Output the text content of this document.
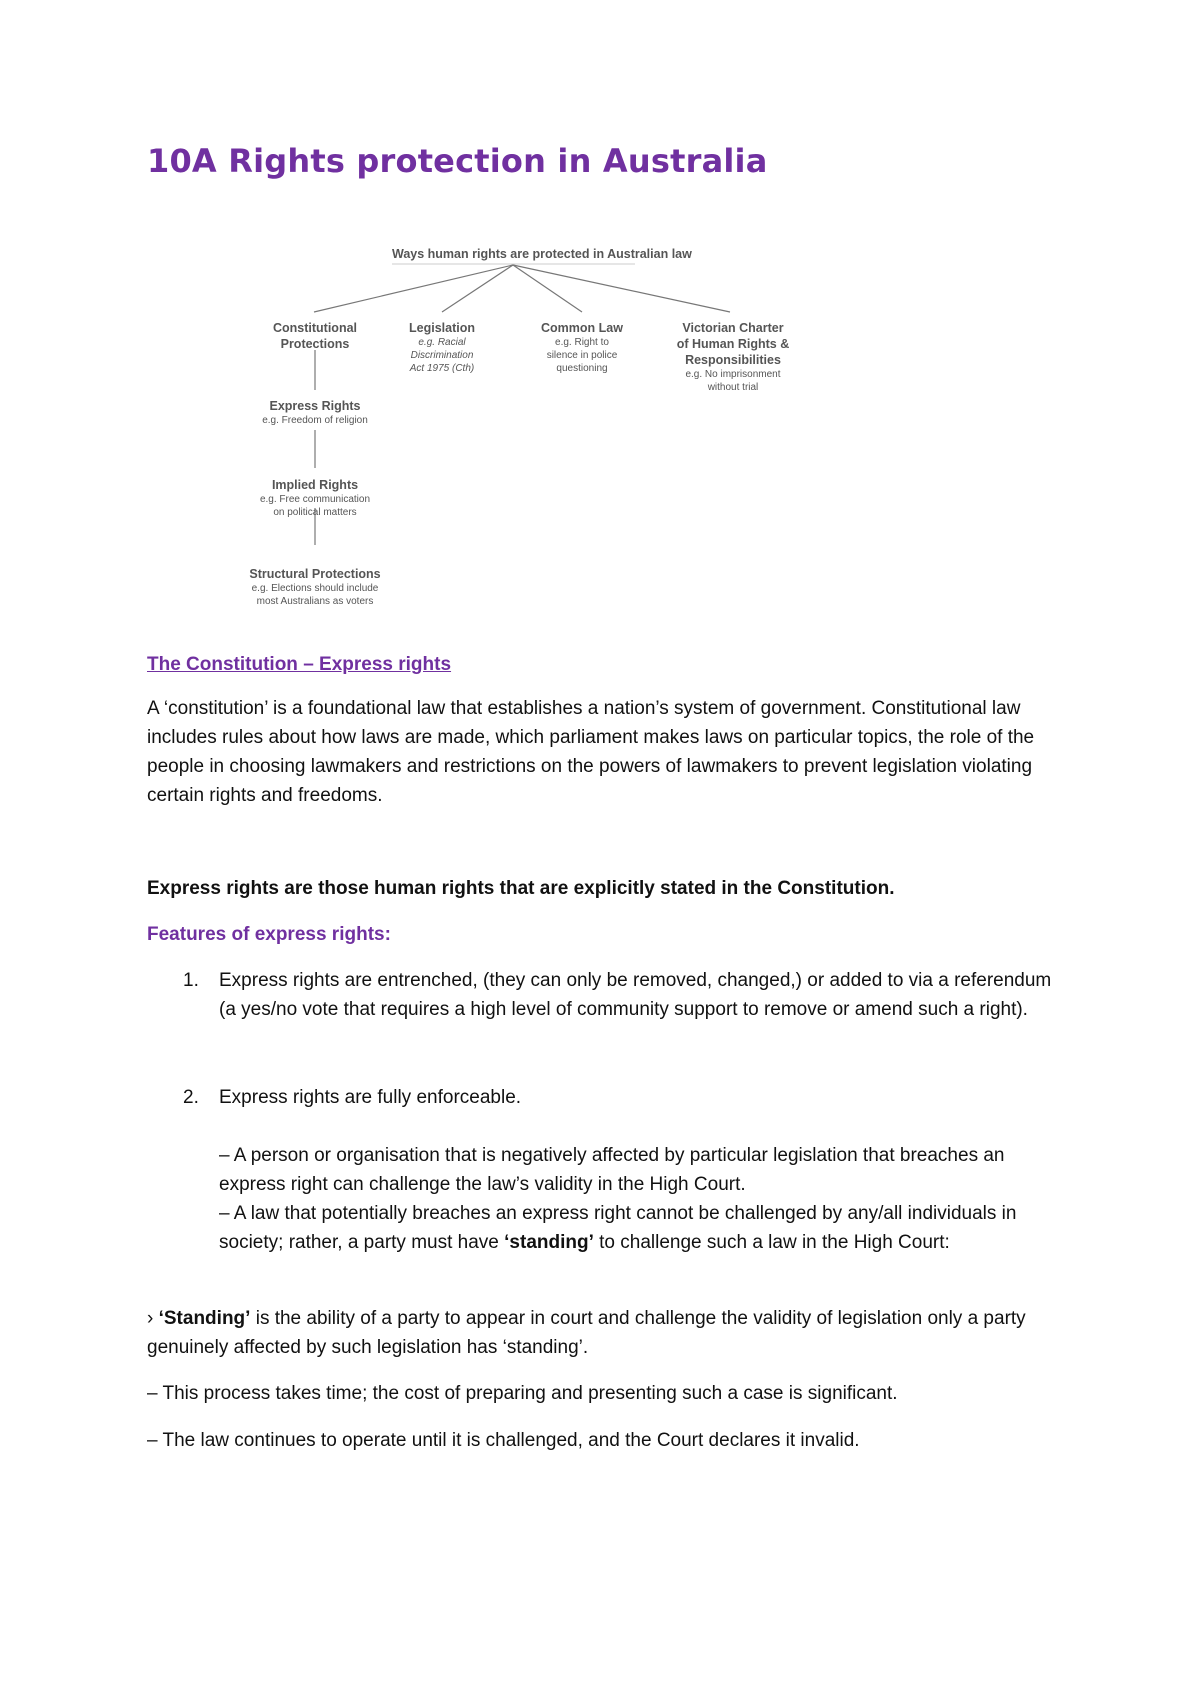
10A Rights protection in Australia
Ways human rights are protected in Australian law
Constitutional
Protections
Legislation
e.g. Racial
Discrimination
Act 1975 (Cth)
Common Law
e.g. Right to
silence in police
questioning
Victorian Charter
of Human Rights &
Responsibilities
e.g. No imprisonment
without trial
Express Rights
e.g. Freedom of religion
Implied Rights
e.g. Free communication
on political matters
Structural Protections
e.g. Elections should include
most Australians as voters
The Constitution – Express rights

A ‘constitution’ is a foundational law that establishes a nation’s system of government. Constitutional law includes rules about how laws are made, which parliament makes laws on particular topics, the role of the people in choosing lawmakers and restrictions on the powers of lawmakers to prevent legislation violating certain rights and freedoms.

Express rights are those human rights that are explicitly stated in the Constitution.

Features of express rights:

1. Express rights are entrenched, (they can only be removed, changed,) or added to via a referendum (a yes/no vote that requires a high level of community support to remove or amend such a right).
2. Express rights are fully enforceable.
– A person or organisation that is negatively affected by particular legislation that breaches an express right can challenge the law’s validity in the High Court.
– A law that potentially breaches an express right cannot be challenged by any/all individuals in society; rather, a party must have ‘standing’ to challenge such a law in the High Court:

› ‘Standing’ is the ability of a party to appear in court and challenge the validity of legislation only a party genuinely affected by such legislation has ‘standing’.

– This process takes time; the cost of preparing and presenting such a case is significant.

– The law continues to operate until it is challenged, and the Court declares it invalid.
